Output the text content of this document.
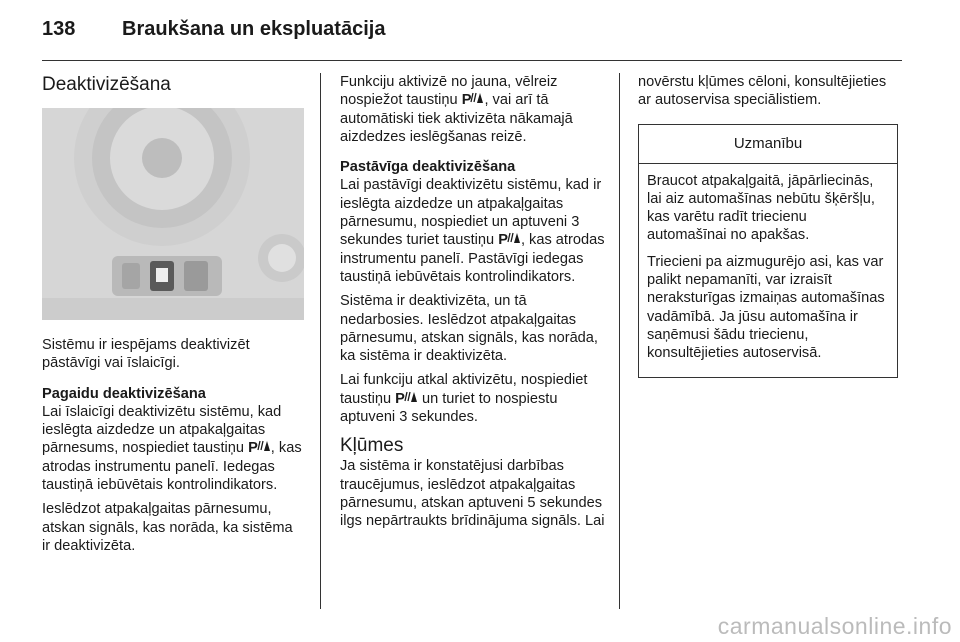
138 Braukšana un ekspluatācija
Deaktivizēšana

Sistēmu ir iespējams deaktivizēt pāstāvīgi vai īslaicīgi.

Pagaidu deaktivizēšana

Lai īslaicīgi deaktivizētu sistēmu, kad ieslēgta aizdedze un atpakaļgaitas pārnesums, nospiediet taustiņu P , kas atrodas instrumentu panelī. Iedegas taustiņā iebūvētais kontrolindikators.

Ieslēdzot atpakaļgaitas pārnesumu, atskan signāls, kas norāda, ka sistēma ir deaktivizēta.

Funkciju aktivizē no jauna, vēlreiz nospiežot taustiņu P , vai arī tā automātiski tiek aktivizēta nākamajā aizdedzes ieslēgšanas reizē.

Pastāvīga deaktivizēšana

Lai pastāvīgi deaktivizētu sistēmu, kad ir ieslēgta aizdedze un atpakaļgaitas pārnesumu, nospiediet un aptuveni 3 sekundes turiet taustiņu P , kas atrodas instrumentu panelī. Pastāvīgi iedegas taustiņā iebūvētais kontrolindikators.

Sistēma ir deaktivizēta, un tā nedarbosies. Ieslēdzot atpakaļgaitas pārnesumu, atskan signāls, kas norāda, ka sistēma ir deaktivizēta.

Lai funkciju atkal aktivizētu, nospiediet taustiņu P un turiet to nospiestu aptuveni 3 sekundes.

Kļūmes

Ja sistēma ir konstatējusi darbības traucējumus, ieslēdzot atpakaļgaitas pārnesumu, atskan aptuveni 5 sekundes ilgs nepārtraukts brīdinājuma signāls. Lai

novērstu kļūmes cēloni, konsultējieties ar autoservisa speciālistiem.

Uzmanību

Braucot atpakaļgaitā, jāpārliecinās, lai aiz automašīnas nebūtu šķēršļu, kas varētu radīt triecienu automašīnai no apakšas.

Triecieni pa aizmugurējo asi, kas var palikt nepamanīti, var izraisīt neraksturīgas izmaiņas automašīnas vadāmībā. Ja jūsu automašīna ir saņēmusi šādu triecienu, konsultējieties autoservisā.

carmanualsonline.info
